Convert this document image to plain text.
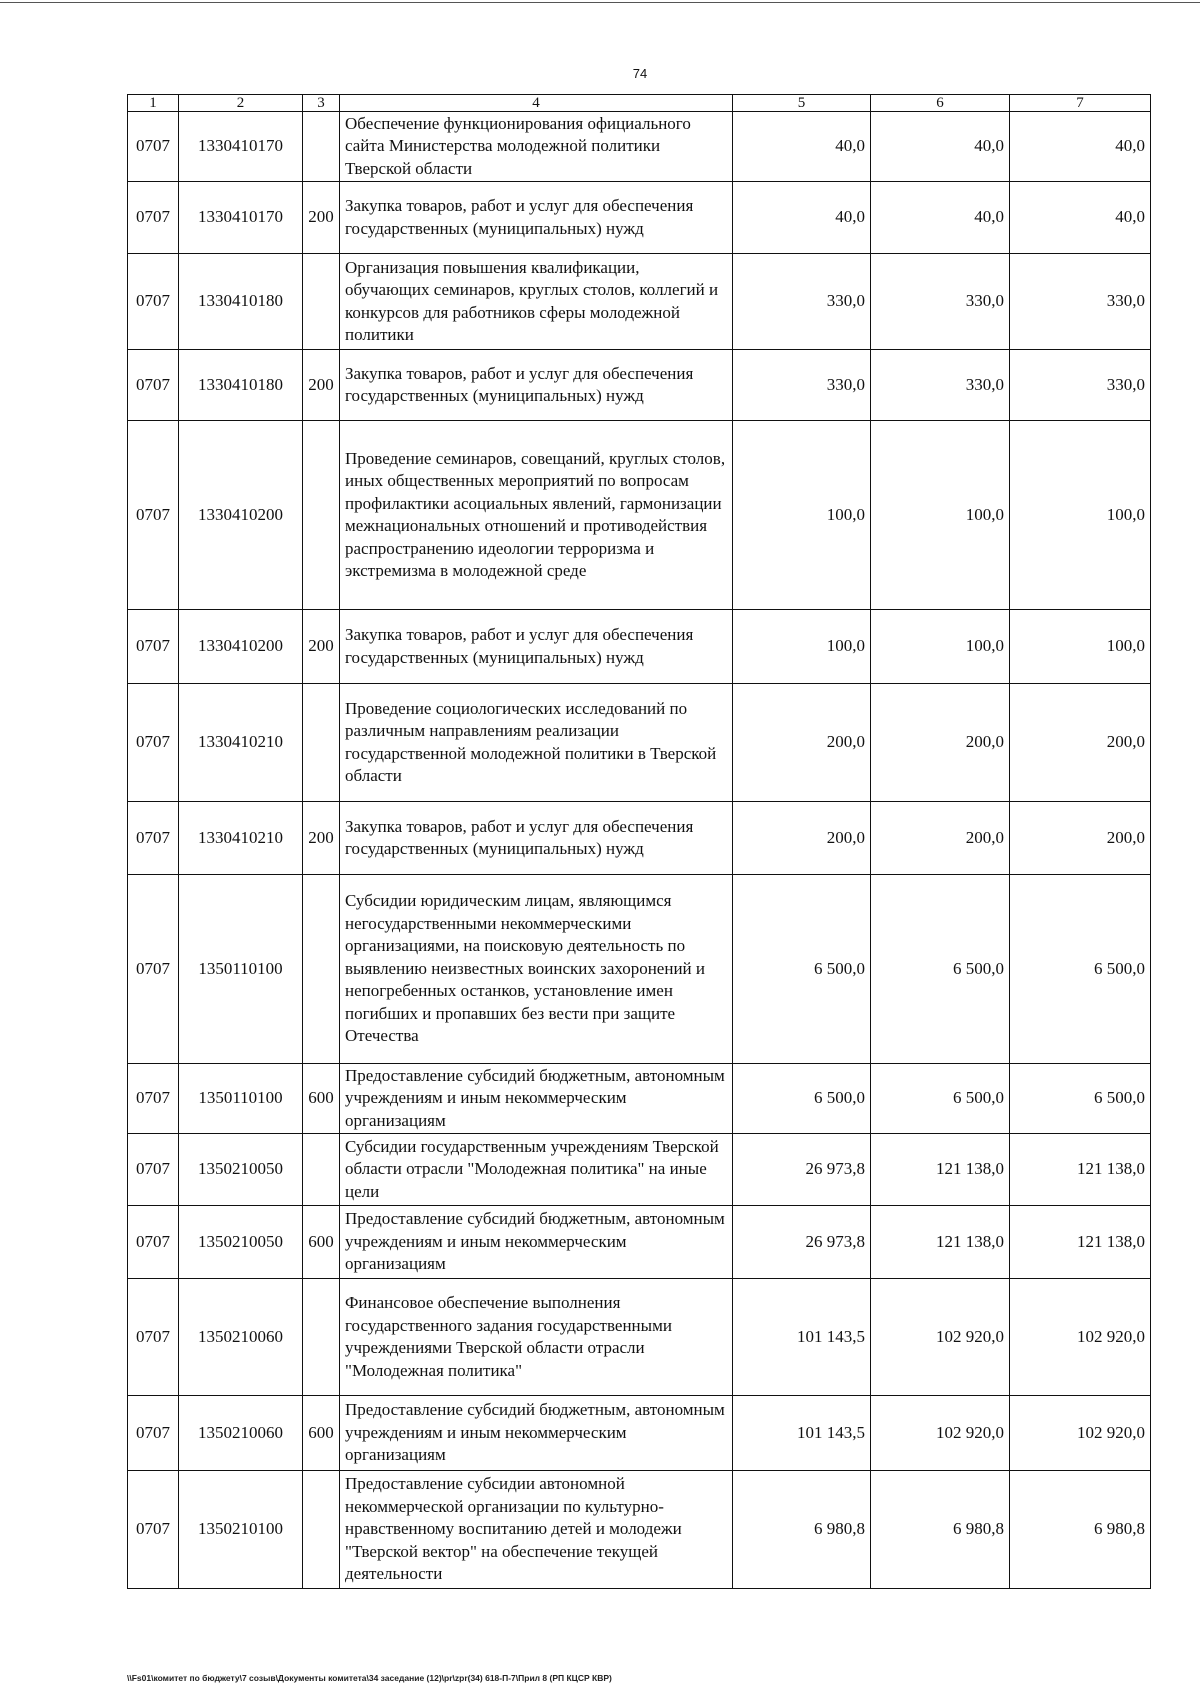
74
1	2	3	4	5	6	7
0707	1330410170		Обеспечение функционирования официального сайта Министерства молодежной политики Тверской области	40,0	40,0	40,0
0707	1330410170	200	Закупка товаров, работ и услуг для обеспечения государственных (муниципальных) нужд	40,0	40,0	40,0
0707	1330410180		Организация повышения квалификации, обучающих семинаров, круглых столов, коллегий и конкурсов для работников сферы молодежной политики	330,0	330,0	330,0
0707	1330410180	200	Закупка товаров, работ и услуг для обеспечения государственных (муниципальных) нужд	330,0	330,0	330,0
0707	1330410200		Проведение семинаров, совещаний, круглых столов, иных общественных мероприятий по вопросам профилактики асоциальных явлений, гармонизации межнациональных отношений и противодействия распространению идеологии терроризма и экстремизма в молодежной среде	100,0	100,0	100,0
0707	1330410200	200	Закупка товаров, работ и услуг для обеспечения государственных (муниципальных) нужд	100,0	100,0	100,0
0707	1330410210		Проведение социологических исследований по различным направлениям реализации государственной молодежной политики в Тверской области	200,0	200,0	200,0
0707	1330410210	200	Закупка товаров, работ и услуг для обеспечения государственных (муниципальных) нужд	200,0	200,0	200,0
0707	1350110100		Субсидии юридическим лицам, являющимся негосударственными некоммерческими организациями, на поисковую деятельность по выявлению неизвестных воинских захоронений и непогребенных останков, установление имен погибших и пропавших без вести при защите Отечества	6 500,0	6 500,0	6 500,0
0707	1350110100	600	Предоставление субсидий бюджетным, автономным учреждениям и иным некоммерческим организациям	6 500,0	6 500,0	6 500,0
0707	1350210050		Субсидии государственным учреждениям Тверской области отрасли "Молодежная политика" на иные цели	26 973,8	121 138,0	121 138,0
0707	1350210050	600	Предоставление субсидий бюджетным, автономным учреждениям и иным некоммерческим организациям	26 973,8	121 138,0	121 138,0
0707	1350210060		Финансовое обеспечение выполнения государственного задания государственными учреждениями Тверской области отрасли "Молодежная политика"	101 143,5	102 920,0	102 920,0
0707	1350210060	600	Предоставление субсидий бюджетным, автономным учреждениям и иным некоммерческим организациям	101 143,5	102 920,0	102 920,0
0707	1350210100		Предоставление субсидии автономной некоммерческой организации по культурно-нравственному воспитанию детей и молодежи "Тверской вектор" на обеспечение текущей деятельности	6 980,8	6 980,8	6 980,8
\\Fs01\комитет по бюджету\7 созыв\Документы комитета\34 заседание (12)\pr\zpr(34) 618-П-7\Прил 8 (РП КЦСР КВР)
